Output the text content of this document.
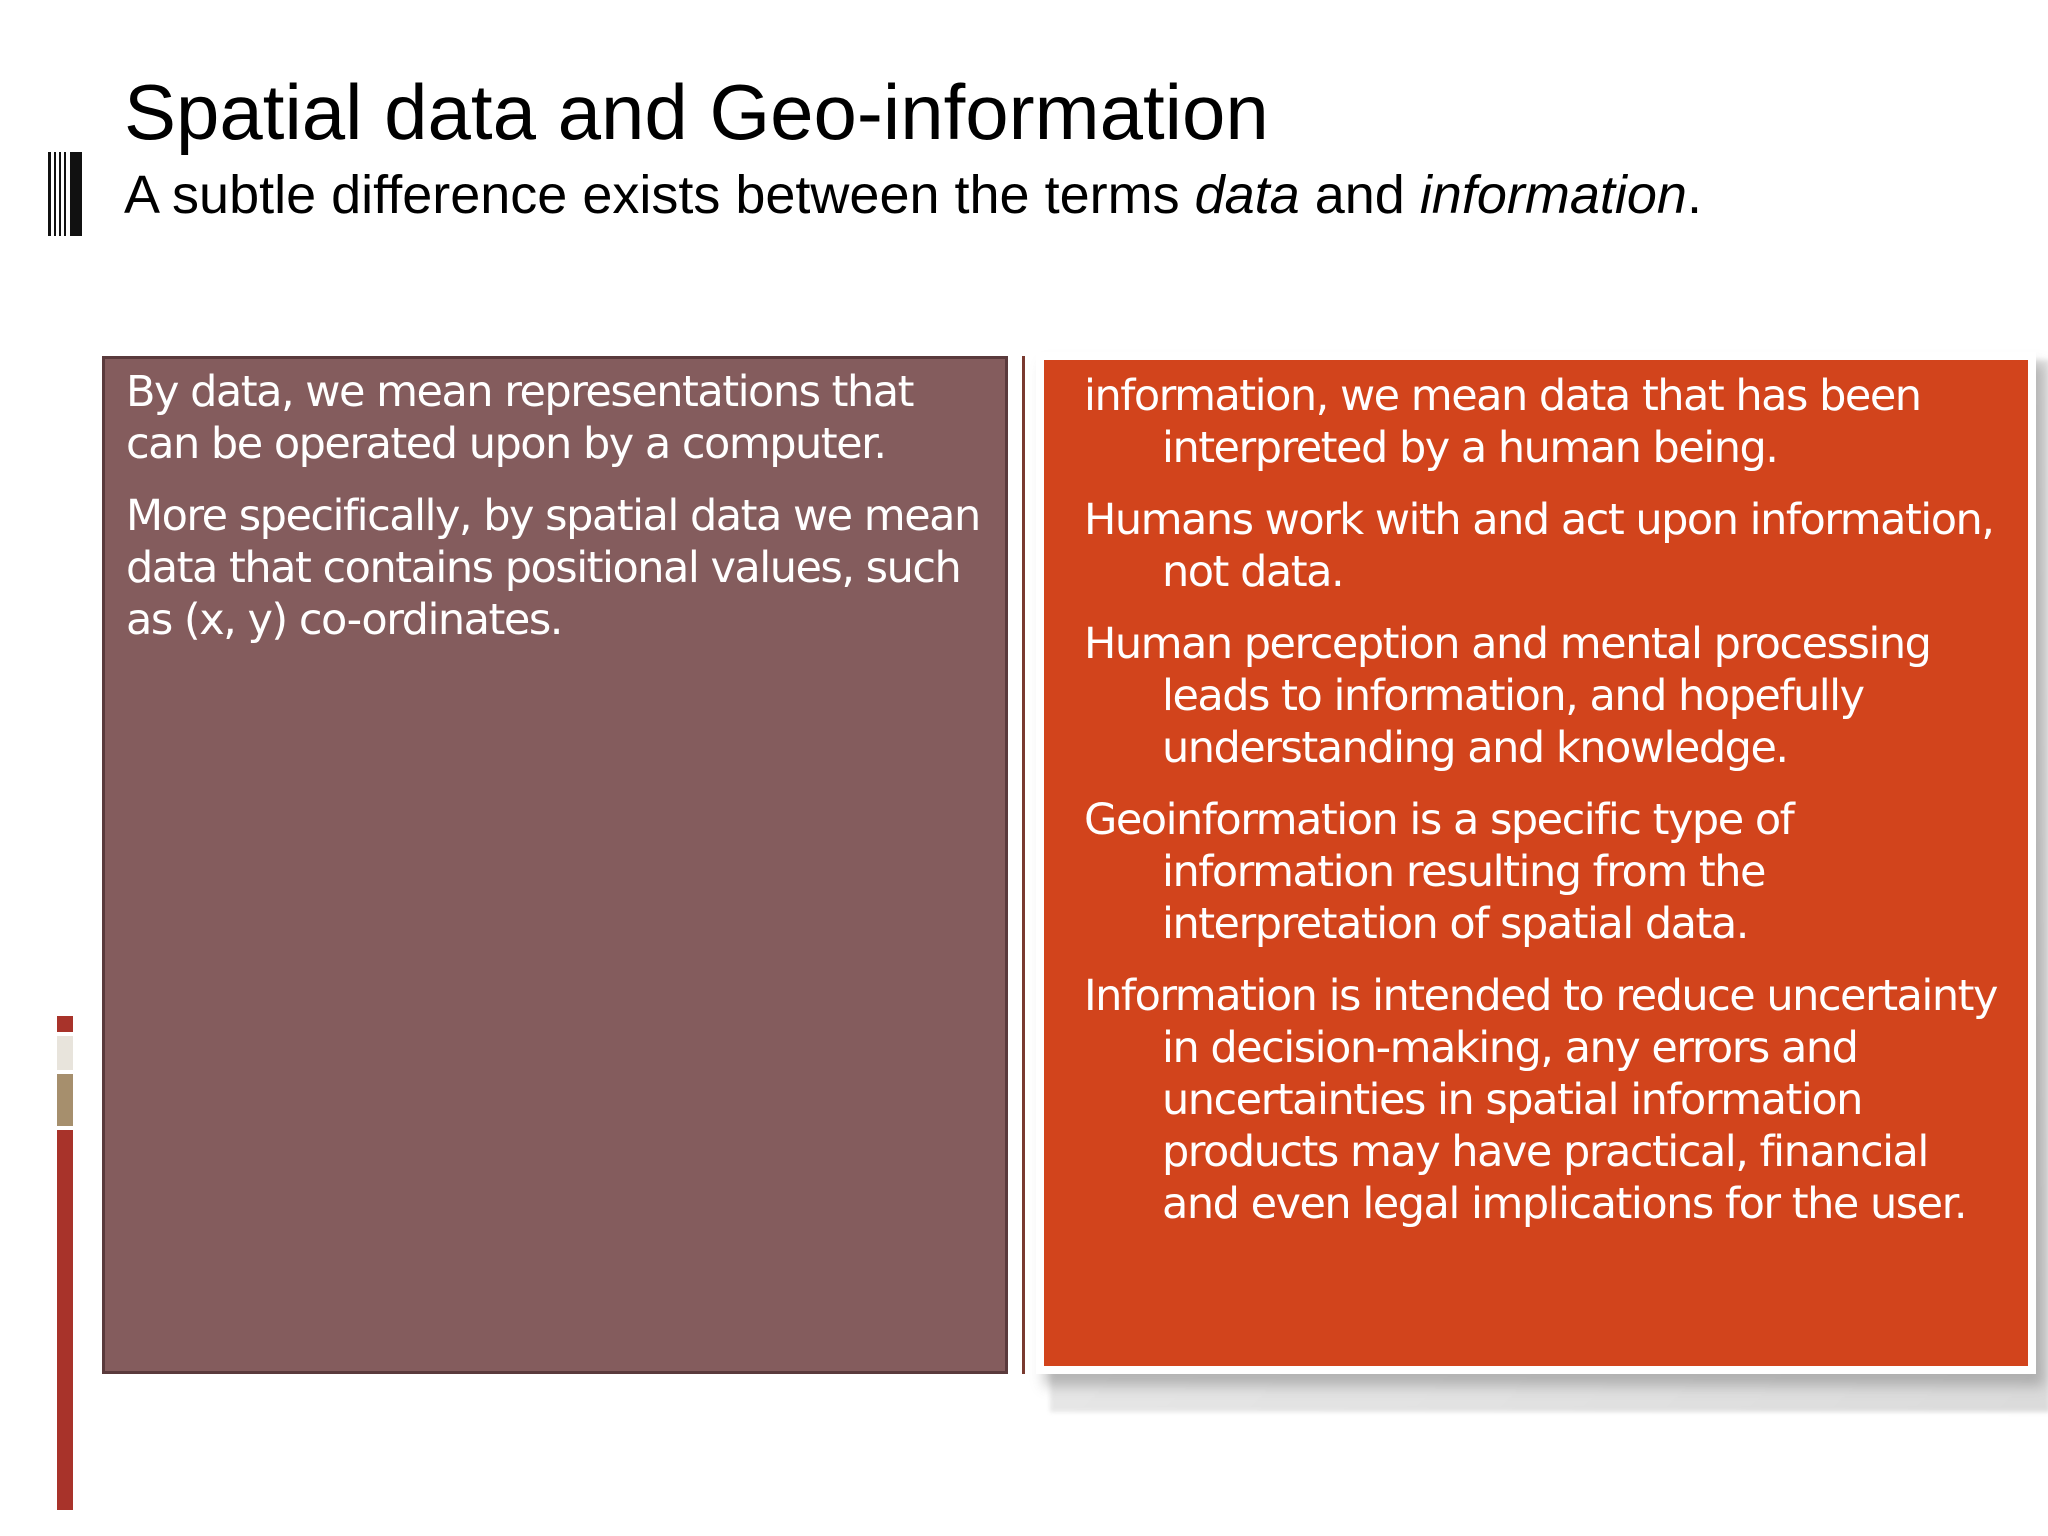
Spatial data and Geo-information

A subtle difference exists between the terms data and information.

By data, we mean representations that can be operated upon by a computer.

More specifically, by spatial data we mean data that contains positional values, such as (x, y) co-ordinates.

information, we mean data that has been interpreted by a human being.

Humans work with and act upon information, not data.

Human perception and mental processing leads to information, and hopefully understanding and knowledge.

Geoinformation is a specific type of information resulting from the interpretation of spatial data.

Information is intended to reduce uncertainty in decision-making, any errors and uncertainties in spatial information products may have practical, financial and even legal implications for the user.
